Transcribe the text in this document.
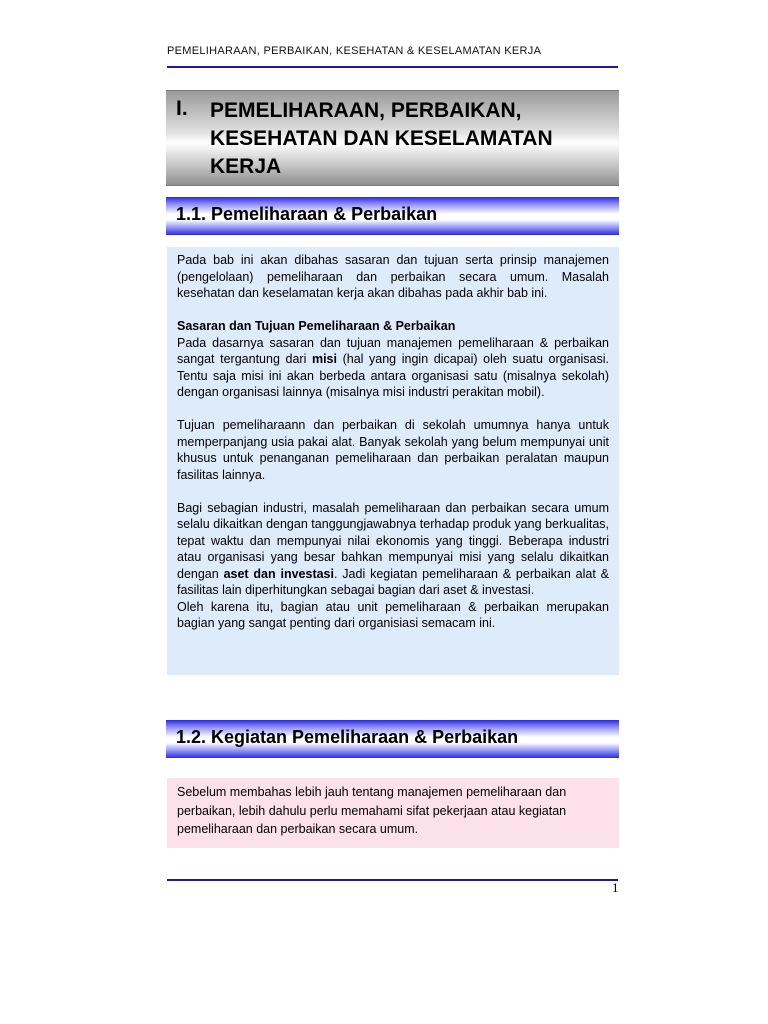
PEMELIHARAAN, PERBAIKAN, KESEHATAN & KESELAMATAN KERJA
I. PEMELIHARAAN, PERBAIKAN, KESEHATAN DAN KESELAMATAN KERJA
1.1. Pemeliharaan & Perbaikan

Pada bab ini akan dibahas sasaran dan tujuan serta prinsip manajemen (pengelolaan) pemeliharaan dan perbaikan secara umum. Masalah kesehatan dan keselamatan kerja akan dibahas pada akhir bab ini.

Sasaran dan Tujuan Pemeliharaan & Perbaikan

Pada dasarnya sasaran dan tujuan manajemen pemeliharaan & perbaikan sangat tergantung dari misi (hal yang ingin dicapai) oleh suatu organisasi. Tentu saja misi ini akan berbeda antara organisasi satu (misalnya sekolah) dengan organisasi lainnya (misalnya misi industri perakitan mobil).

Tujuan pemeliharaann dan perbaikan di sekolah umumnya hanya untuk memperpanjang usia pakai alat. Banyak sekolah yang belum mempunyai unit khusus untuk penanganan pemeliharaan dan perbaikan peralatan maupun fasilitas lainnya.

Bagi sebagian industri, masalah pemeliharaan dan perbaikan secara umum selalu dikaitkan dengan tanggungjawabnya terhadap produk yang berkualitas, tepat waktu dan mempunyai nilai ekonomis yang tinggi. Beberapa industri atau organisasi yang besar bahkan mempunyai misi yang selalu dikaitkan dengan aset dan investasi. Jadi kegiatan pemeliharaan & perbaikan alat & fasilitas lain diperhitungkan sebagai bagian dari aset & investasi.

Oleh karena itu, bagian atau unit pemeliharaan & perbaikan merupakan bagian yang sangat penting dari organisiasi semacam ini.

1.2. Kegiatan Pemeliharaan & Perbaikan

Sebelum membahas lebih jauh tentang manajemen pemeliharaan dan perbaikan, lebih dahulu perlu memahami sifat pekerjaan atau kegiatan pemeliharaan dan perbaikan secara umum.

1
